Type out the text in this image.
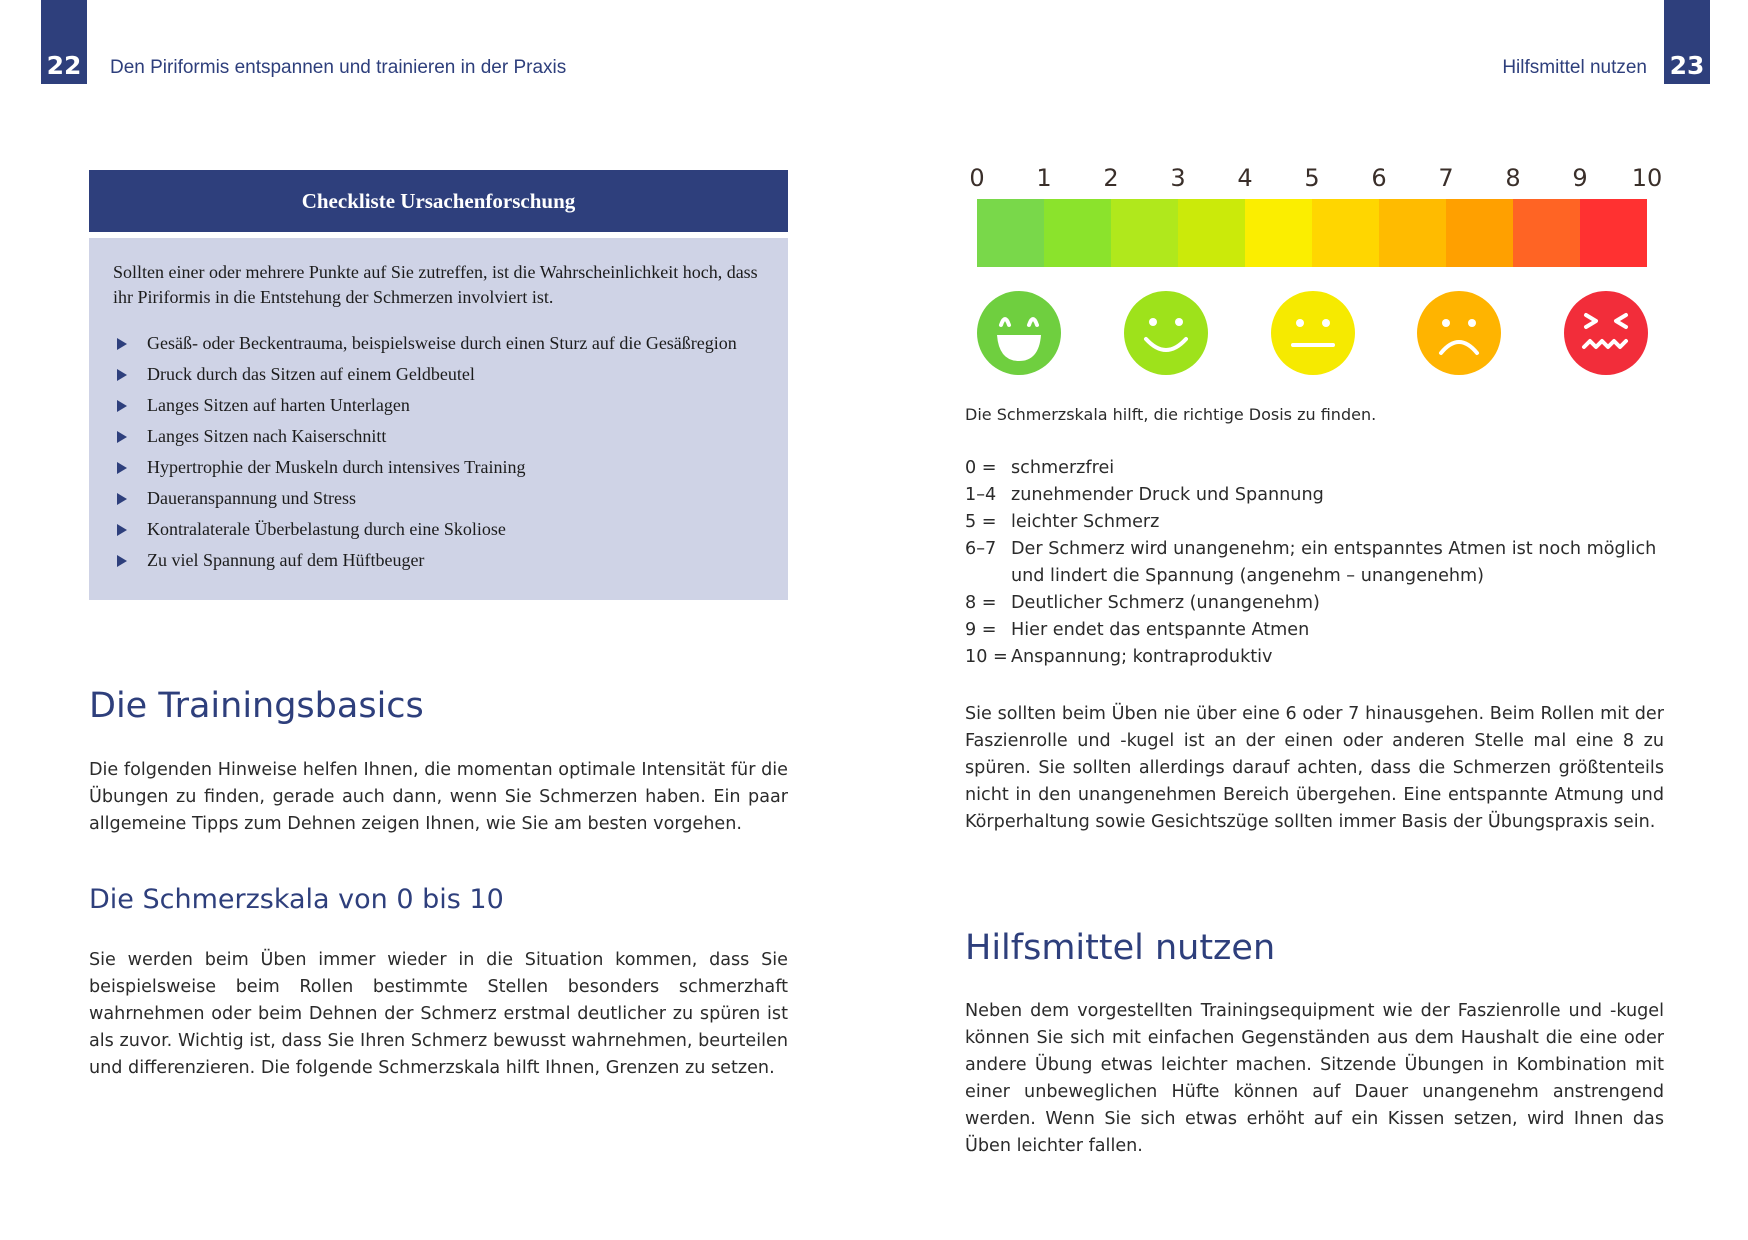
22 Den Piriformis entspannen und trainieren in der Praxis	Hilfsmittel nutzen 23
Checkliste Ursachenforschung

Sollten einer oder mehrere Punkte auf Sie zutreffen, ist die Wahrscheinlichkeit hoch, dass ihr Piriformis in die Entstehung der Schmerzen involviert ist.

Gesäß- oder Beckentrauma, beispielsweise durch einen Sturz auf die Gesäßregion
Druck durch das Sitzen auf einem Geldbeutel
Langes Sitzen auf harten Unterlagen
Langes Sitzen nach Kaiserschnitt
Hypertrophie der Muskeln durch intensives Training
Daueranspannung und Stress
Kontralaterale Überbelastung durch eine Skoliose
Zu viel Spannung auf dem Hüftbeuger
Die Trainingsbasics

Die folgenden Hinweise helfen Ihnen, die momentan optimale Intensität für die Übungen zu finden, gerade auch dann, wenn Sie Schmerzen haben. Ein paar allgemeine Tipps zum Dehnen zeigen Ihnen, wie Sie am besten vorgehen.

Die Schmerzskala von 0 bis 10

Sie werden beim Üben immer wieder in die Situation kommen, dass Sie beispielsweise beim Rollen bestimmte Stellen besonders schmerzhaft wahrnehmen oder beim Dehnen der Schmerz erstmal deutlicher zu spüren ist als zuvor. Wichtig ist, dass Sie Ihren Schmerz bewusst wahrnehmen, beurteilen und differenzieren. Die folgende Schmerzskala hilft Ihnen, Grenzen zu setzen.

0	1	2	3	4	5	6	7	8	9	10
Die Schmerzskala hilft, die richtige Dosis zu finden.
0 = schmerzfrei
1–4 zunehmender Druck und Spannung
5 = leichter Schmerz
6–7 Der Schmerz wird unangenehm; ein entspanntes Atmen ist noch möglich und lindert die Spannung (angenehm – unangenehm)
8 = Deutlicher Schmerz (unangenehm)
9 = Hier endet das entspannte Atmen
10 = Anspannung; kontraproduktiv

Sie sollten beim Üben nie über eine 6 oder 7 hinausgehen. Beim Rollen mit der Faszienrolle und -kugel ist an der einen oder anderen Stelle mal eine 8 zu spüren. Sie sollten allerdings darauf achten, dass die Schmerzen größtenteils nicht in den unangenehmen Bereich übergehen. Eine entspannte Atmung und Körperhaltung sowie Gesichtszüge sollten immer Basis der Übungspraxis sein.

Hilfsmittel nutzen

Neben dem vorgestellten Trainingsequipment wie der Faszienrolle und -kugel können Sie sich mit einfachen Gegenständen aus dem Haushalt die eine oder andere Übung etwas leichter machen. Sitzende Übungen in Kombination mit einer unbeweglichen Hüfte können auf Dauer unangenehm anstrengend werden. Wenn Sie sich etwas erhöht auf ein Kissen setzen, wird Ihnen das Üben leichter fallen.
